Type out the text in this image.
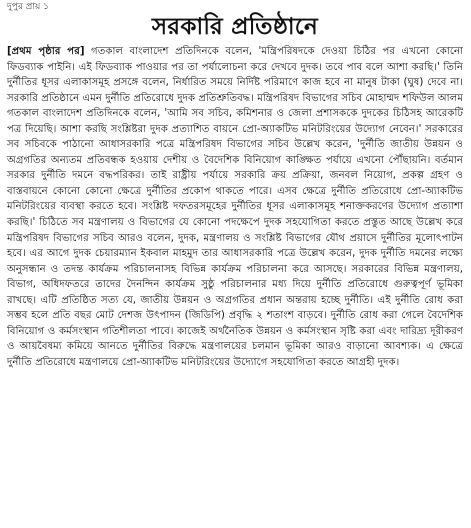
দুপুর প্রায় ১
সরকারি প্রতিষ্ঠানে

[প্রথম পৃষ্ঠার পর] গতকাল বাংলাদেশ প্রতিদিনকে বলেন, 'মন্ত্রিপরিষদকে দেওয়া চিঠির পর এখনো কোনো ফিডব্যাক পাইনি। এই ফিডব্যাক পাওয়ার পর তা পর্যালোচনা করে দেখবে দুদক। তবে পাব বলে আশা করছি।' তিনি দুর্নীতির ধূসর এলাকাসমূহ প্রসঙ্গে বলেন, নির্ধারিত সময়ে নির্দিষ্ট পরিমাণে কাজ হবে না মানুষ টাকা (ঘুষ) দেবে না। সরকারি প্রতিষ্ঠানে এমন দুর্নীতি প্রতিরোধে দুদক প্রতিশ্রুতিবদ্ধ। মন্ত্রিপরিষদ বিভাগের সচিব মোহাম্মদ শফিউল আলম গতকাল বাংলাদেশ প্রতিদিনকে বলেন, 'আমি সব সচিব, কমিশনার ও জেলা প্রশাসককে দুদকের চিঠিসহ আরেকটি পত্র দিয়েছি। আশা করছি সংশ্লিষ্টরা দুদক প্রত্যাশিত বায়নে প্রো-অ্যাকটিভ মনিটরিংয়ের উদ্যোগ নেবেন।' সরকারের সব সচিবকে পাঠানো আধাসরকারি পত্রে মন্ত্রিপরিষদ বিভাগের সচিব উল্লেখ করেন, 'দুর্নীতি জাতীয় উন্নয়ন ও অগ্রগতির অন্যতম প্রতিবন্ধক হওয়ায় দেশীয় ও বৈদেশিক বিনিয়োগ কাঙ্ক্ষিত পর্যায়ে এখনো পৌঁছায়নি। বর্তমান সরকার দুর্নীতি দমনে বদ্ধপরিকর। তাই রাষ্ট্রীয় পর্যায়ে সরকারি ক্রয় প্রক্রিয়া, জনবল নিয়োগ, প্রকল্প গ্রহণ ও বাস্তবায়নে কোনো কোনো ক্ষেত্রে দুর্নীতির প্রকোপ থাকতে পারে। এসব ক্ষেত্রে দুর্নীতি প্রতিরোধে প্রো-অ্যাকটিভ মনিটরিংয়ের ব্যবস্থা করতে হবে। সংশ্লিষ্ট দফতরসমূহের দুর্নীতির ধূসর এলাকাসমূহ শনাক্তকরণের উদ্যোগ প্রত্যাশা করছি।' চিঠিতে সব মন্ত্রণালয় ও বিভাগের যে কোনো পদক্ষেপে দুদক সহযোগিতা করতে প্রস্তুত আছে উল্লেখ করে মন্ত্রিপরিষদ বিভাগের সচিব আরও বলেন, দুদক, মন্ত্রণালয় ও সংশ্লিষ্ট বিভাগের যৌথ প্রয়াসে দুর্নীতির মূলোৎপাটন হবে। এর আগে দুদক চেয়ারম্যান ইকবাল মাহমুদ তার আধাসরকারি পত্রে উল্লেখ করেন, দুদক দুর্নীতি দমনের লক্ষ্যে অনুসন্ধান ও তদন্ত কার্যক্রম পরিচালনাসহ বিভিন্ন কার্যক্রম পরিচালনা করে আসছে। সরকারের বিভিন্ন মন্ত্রণালয়, বিভাগ, অধিদফতরে তাদের দৈনন্দিন কার্যক্রম সুষ্ঠু পরিচালনার মধ্য দিয়ে দুর্নীতি প্রতিরোধে গুরুত্বপূর্ণ ভূমিকা রাখছে। এটি প্রতিষ্ঠিত সত্য যে, জাতীয় উন্নয়ন ও অগ্রগতির প্রধান অন্তরায় হচ্ছে দুর্নীতি। এই দুর্নীতি রোধ করা সম্ভব হলে প্রতি বছর মোট দেশজ উৎপাদন (জিডিপি) প্রবৃদ্ধি ২ শতাংশ বাড়বে। দুর্নীতি রোধ করা গেলে বৈদেশিক বিনিয়োগ ও কর্মসংস্থান গতিশীলতা পাবে। কাজেই অর্থনৈতিক উন্নয়ন ও কর্মসংস্থান সৃষ্টি করা এবং দারিদ্র্য দূরীকরণ ও আয়বৈষম্য কমিয়ে আনতে দুর্নীতির বিরুদ্ধে মন্ত্রণালয়ের চলমান ভূমিকা আরও বাড়ানো আবশ্যক। এ ক্ষেত্রে দুর্নীতি প্রতিরোধে মন্ত্রণালয়ে প্রো-অ্যাকটিভ মনিটরিংয়ের উদ্যোগে সহযোগিতা করতে আগ্রহী দুদক।
